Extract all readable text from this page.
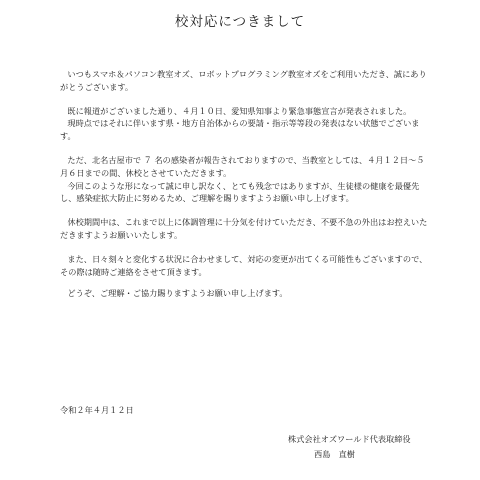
校対応につきまして

いつもスマホ＆パソコン教室オズ、ロボットプログラミング教室オズをご利用いただき、誠にありがとうございます。

既に報道がございました通り、４月１０日、愛知県知事より緊急事態宣言が発表されました。

現時点ではそれに伴います県・地方自治体からの要請・指示等等段の発表はない状態でございます。

ただ、北名古屋市で ７ 名の感染者が報告されておりますので、当教室としては、４月１２日～５月６日までの間、休校とさせていただきます。

今回このような形になって誠に申し訳なく、とても残念ではありますが、生徒様の健康を最優先し、感染症拡大防止に努めるため、ご理解を賜りますようお願い申し上げます。

休校期間中は、これまで以上に体調管理に十分気を付けていただき、不要不急の外出はお控えいただきますようお願いいたします。

また、日々刻々と変化する状況に合わせまして、対応の変更が出てくる可能性もございますので、その際は随時ご連絡をさせて頂きます。

どうぞ、ご理解・ご協力賜りますようお願い申し上げます。

令和２年４月１２日
株式会社オズワールド代表取締役
西島　直樹
